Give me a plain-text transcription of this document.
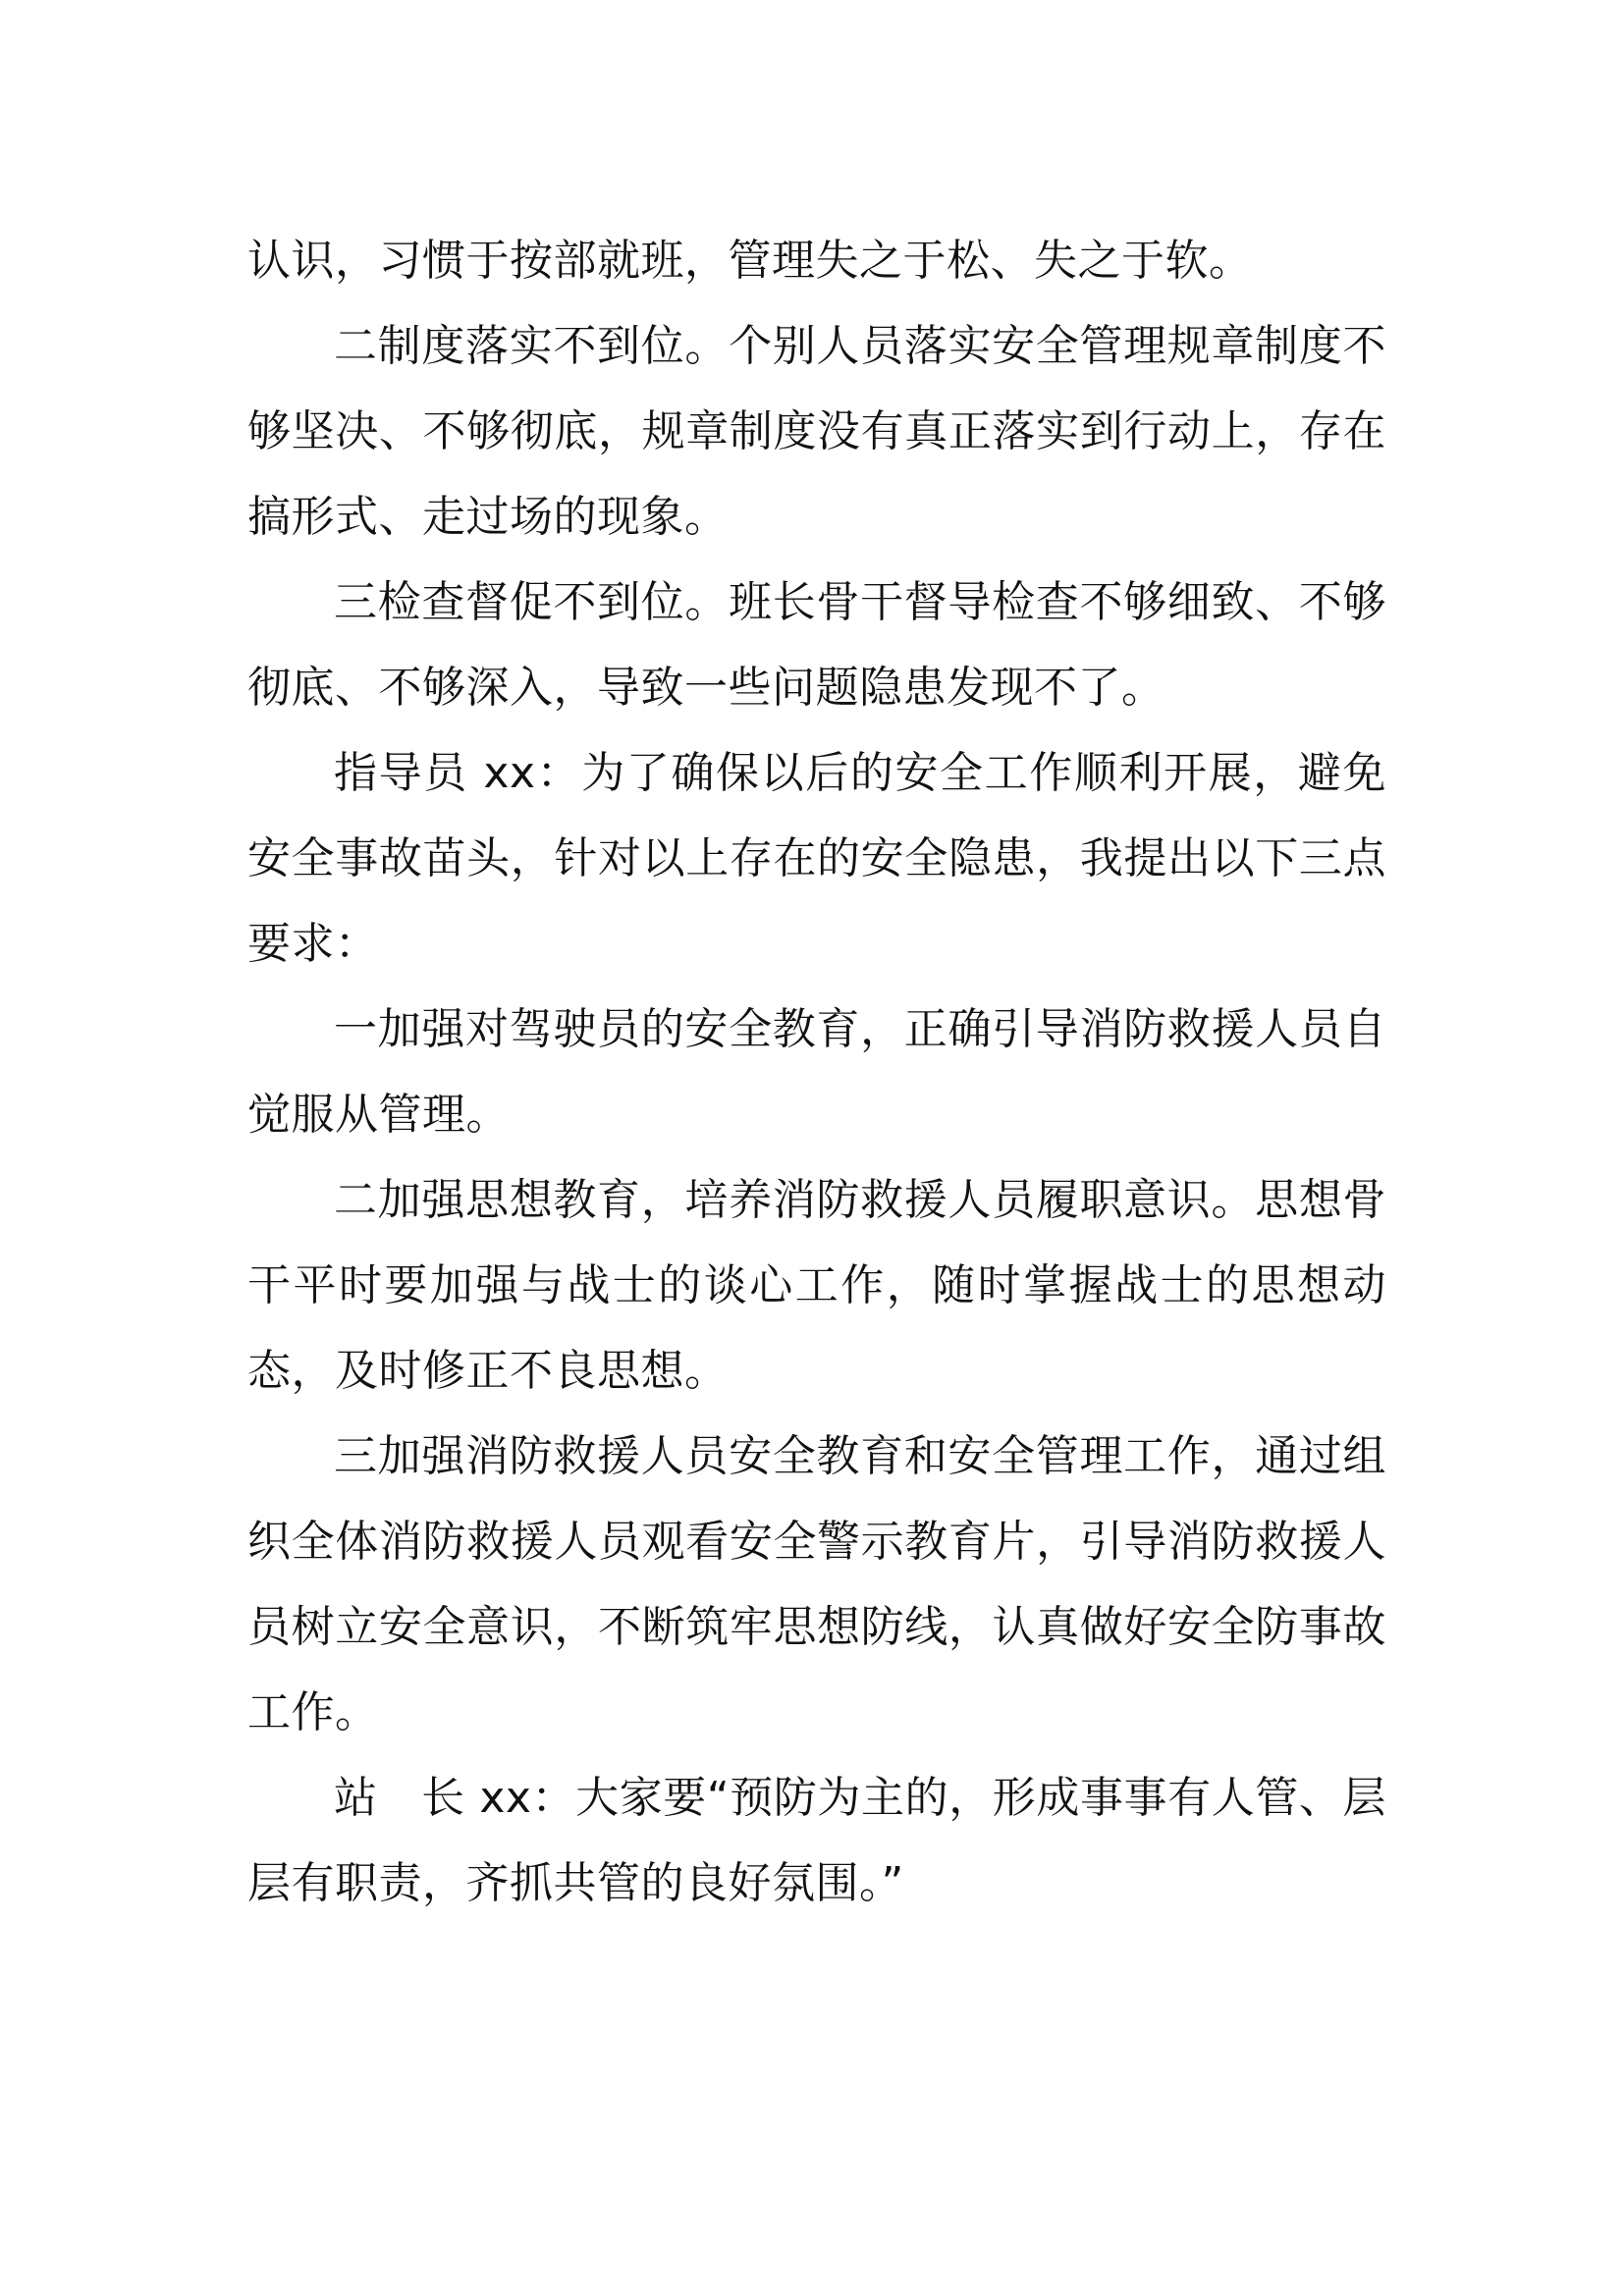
认识，习惯于按部就班，管理失之于松、失之于软。

二制度落实不到位。个别人员落实安全管理规章制度不够坚决、不够彻底，规章制度没有真正落实到行动上，存在搞形式、走过场的现象。

三检查督促不到位。班长骨干督导检查不够细致、不够彻底、不够深入，导致一些问题隐患发现不了。

指导员 xx：为了确保以后的安全工作顺利开展，避免安全事故苗头，针对以上存在的安全隐患，我提出以下三点要求：

一加强对驾驶员的安全教育，正确引导消防救援人员自觉服从管理。

二加强思想教育，培养消防救援人员履职意识。思想骨干平时要加强与战士的谈心工作，随时掌握战士的思想动态，及时修正不良思想。

三加强消防救援人员安全教育和安全管理工作，通过组织全体消防救援人员观看安全警示教育片，引导消防救援人员树立安全意识，不断筑牢思想防线，认真做好安全防事故工作。

站　长 xx：大家要“预防为主的，形成事事有人管、层层有职责，齐抓共管的良好氛围。”
